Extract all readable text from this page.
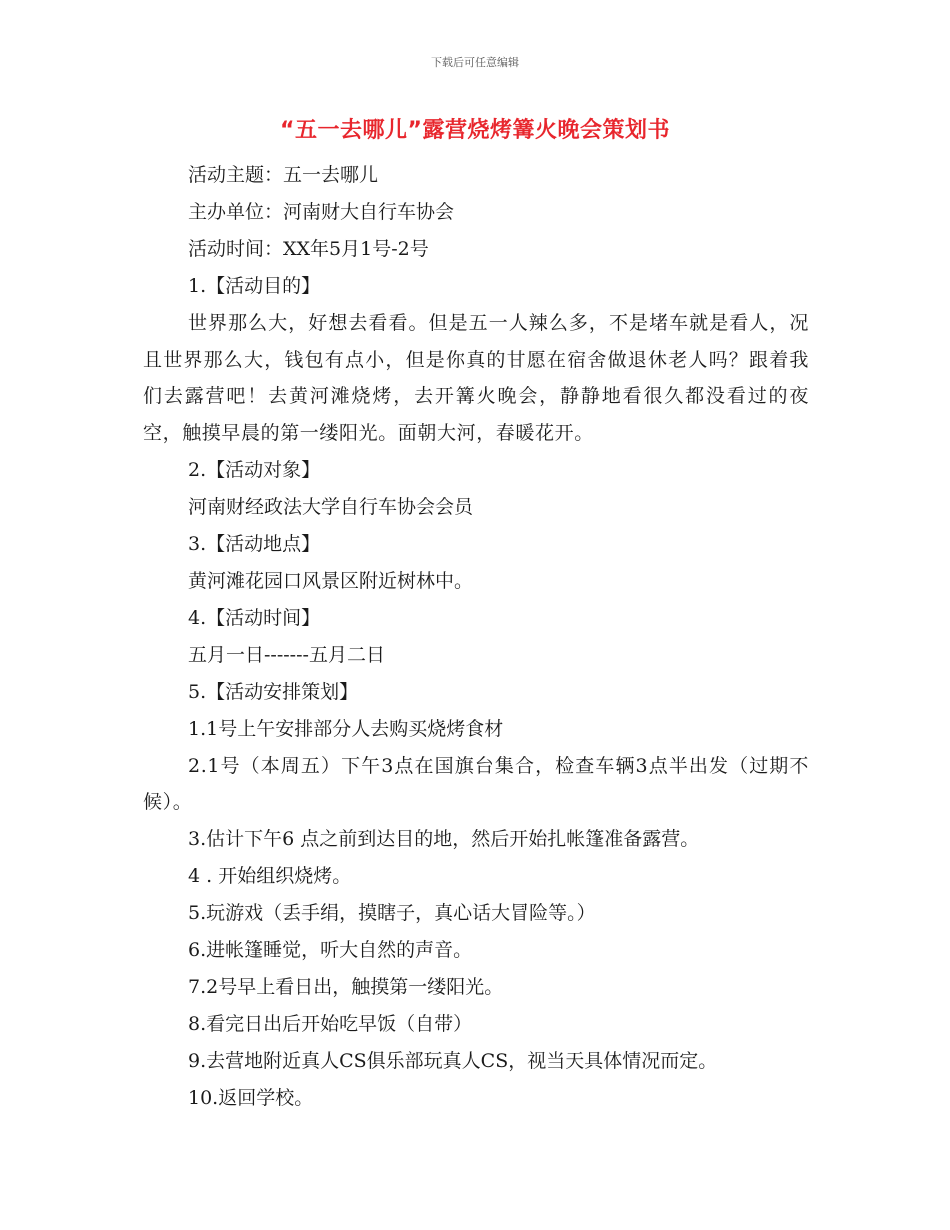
下载后可任意编辑
“五一去哪儿”露营烧烤篝火晚会策划书

活动主题：五一去哪儿

主办单位：河南财大自行车协会

活动时间：XX年5月1号-2号

1.【活动目的】

世界那么大，好想去看看。但是五一人辣么多，不是堵车就是看人，况且世界那么大，钱包有点小，但是你真的甘愿在宿舍做退休老人吗？跟着我们去露营吧！去黄河滩烧烤，去开篝火晚会，静静地看很久都没看过的夜空，触摸早晨的第一缕阳光。面朝大河，春暖花开。

2.【活动对象】

河南财经政法大学自行车协会会员

3.【活动地点】

黄河滩花园口风景区附近树林中。

4.【活动时间】

五月一日-------五月二日

5.【活动安排策划】

1.1号上午安排部分人去购买烧烤食材

2.1号（本周五）下午3点在国旗台集合，检查车辆3点半出发（过期不候）。

3.估计下午6 点之前到达目的地，然后开始扎帐篷准备露营。

4 . 开始组织烧烤。

5.玩游戏（丢手绢，摸瞎子，真心话大冒险等。）

6.进帐篷睡觉，听大自然的声音。

7.2号早上看日出，触摸第一缕阳光。

8.看完日出后开始吃早饭（自带）

9.去营地附近真人CS俱乐部玩真人CS，视当天具体情况而定。

10.返回学校。
